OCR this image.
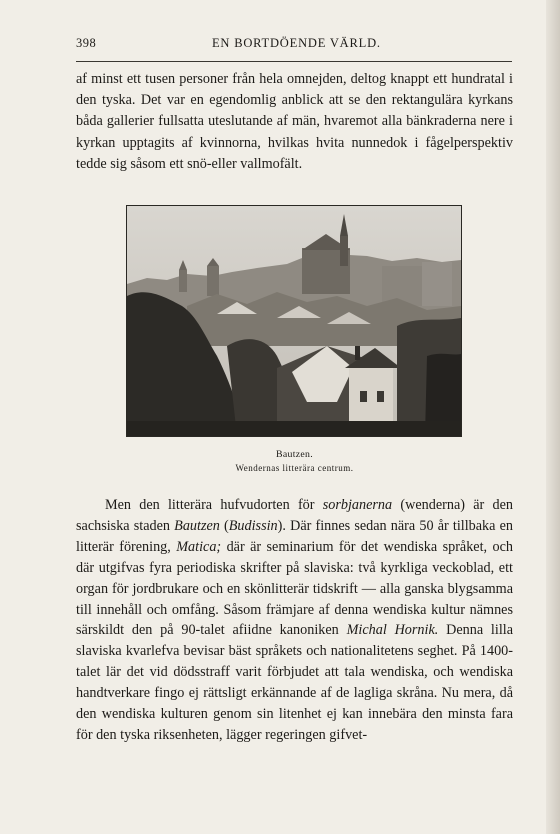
398	EN BORTDÖENDE VÄRLD.

af minst ett tusen personer från hela omnejden, deltog knappt ett hundratal i den tyska. Det var en egendomlig anblick att se den rektangulära kyrkans båda gallerier fullsatta uteslutande af män, hvaremot alla bänkraderna nere i kyrkan upptagits af kvinnorna, hvilkas hvita nunnedok i fågelperspektiv tedde sig såsom ett snö-eller vallmofält.

Bautzen.
Wendernas litterära centrum.

Men den litterära hufvudorten för sorbjanerna (wenderna) är den sachsiska staden Bautzen (Budissin). Där finnes sedan nära 50 år tillbaka en litterär förening, Matica; där är seminarium för det wendiska språket, och där utgifvas fyra periodiska skrifter på slaviska: två kyrkliga veckoblad, ett organ för jordbrukare och en skönlitterär tidskrift — alla ganska blygsamma till innehåll och omfång. Såsom främjare af denna wendiska kultur nämnes särskildt den på 90-talet afiidne kanoniken Michal Hornik. Denna lilla slaviska kvarlefva bevisar bäst språkets och nationalitetens seghet. På 1400-talet lär det vid dödsstraff varit förbjudet att tala wendiska, och wendiska handtverkare fingo ej rättsligt erkännande af de lagliga skråna. Nu mera, då den wendiska kulturen genom sin litenhet ej kan innebära den minsta fara för den tyska riksenheten, lägger regeringen gifvet-
